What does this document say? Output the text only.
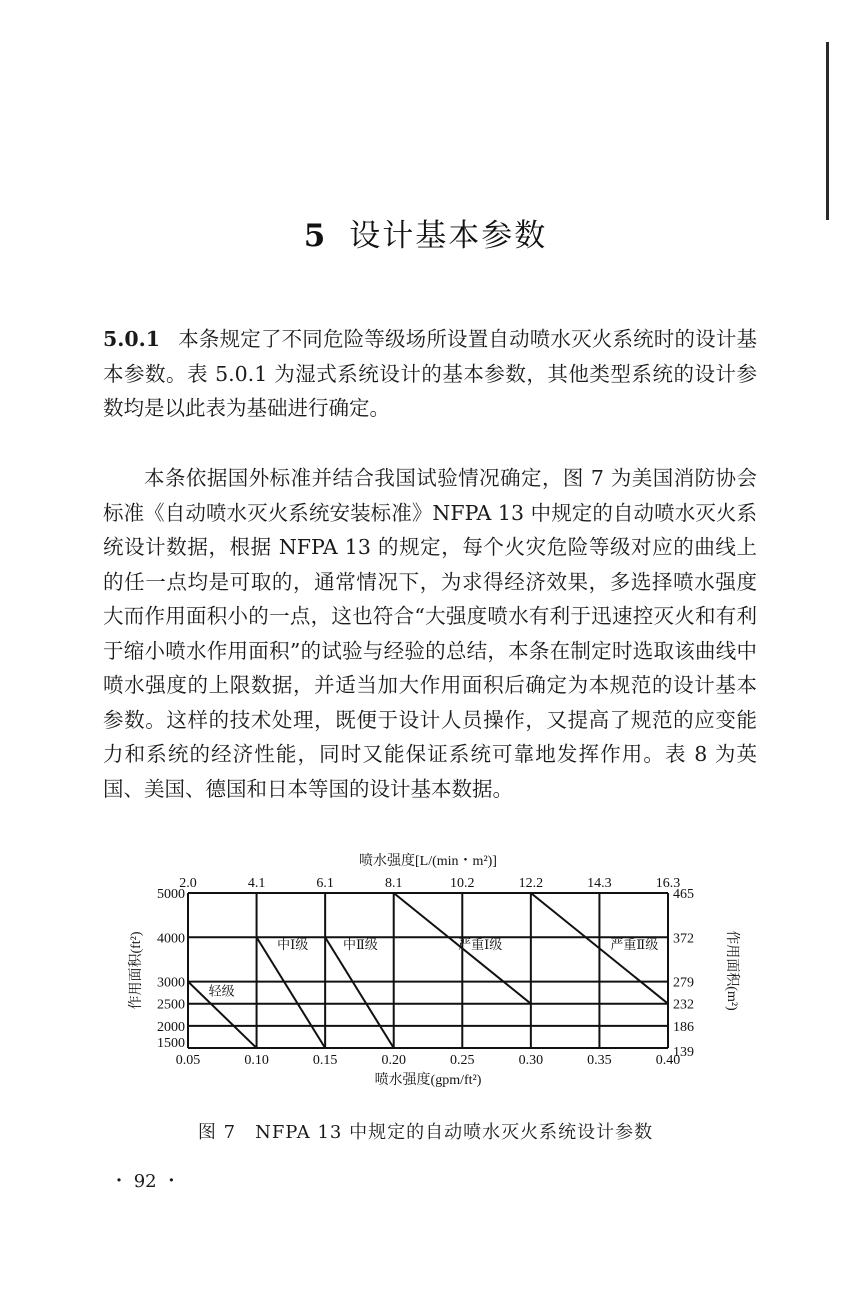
5 设计基本参数
5.0.1 本条规定了不同危险等级场所设置自动喷水灭火系统时的设计基本参数。表 5.0.1 为湿式系统设计的基本参数，其他类型系统的设计参数均是以此表为基础进行确定。
本条依据国外标准并结合我国试验情况确定，图 7 为美国消防协会标准《自动喷水灭火系统安装标准》NFPA 13 中规定的自动喷水灭火系统设计数据，根据 NFPA 13 的规定，每个火灾危险等级对应的曲线上的任一点均是可取的，通常情况下，为求得经济效果，多选择喷水强度大而作用面积小的一点，这也符合“大强度喷水有利于迅速控灭火和有利于缩小喷水作用面积”的试验与经验的总结，本条在制定时选取该曲线中喷水强度的上限数据，并适当加大作用面积后确定为本规范的设计基本参数。这样的技术处理，既便于设计人员操作，又提高了规范的应变能力和系统的经济性能，同时又能保证系统可靠地发挥作用。表 8 为英国、美国、德国和日本等国的设计基本数据。
0.05	0.10	0.15	0.20	0.25	0.30	0.35	0.40
2.0	4.1	6.1	8.1	10.2	12.2	14.3	16.3
1500
2000
2500
3000
4000
5000
139
186
232
279
372
465
喷水强度[L/(min・m²)]
喷水强度(gpm/ft²)
作用面积(ft²)	作用面积(m²)
轻级
中Ⅰ级	中Ⅱ级	严重Ⅰ级	严重Ⅱ级
图 7　NFPA 13 中规定的自动喷水灭火系统设计参数
・ 92 ・
